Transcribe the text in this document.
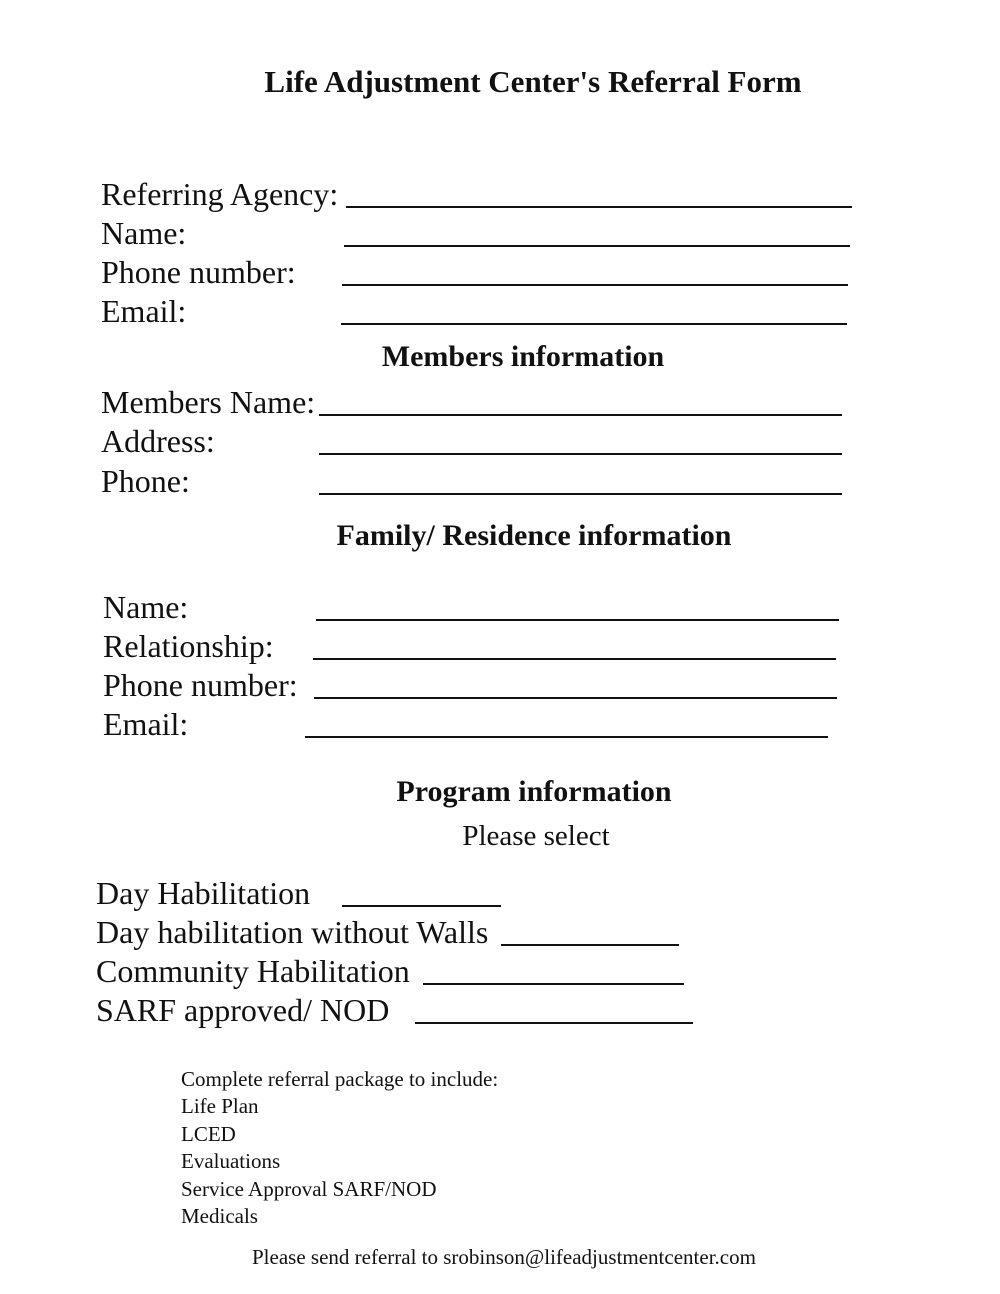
Life Adjustment Center's Referral Form
Referring Agency:
Name:
Phone number:
Email:
Members information
Members Name:
Address:
Phone:
Family/ Residence information
Name:
Relationship:
Phone number:
Email:
Program information
Please select
Day Habilitation
Day habilitation without Walls
Community Habilitation
SARF approved/ NOD
Complete referral package to include:
Life Plan
LCED
Evaluations
Service Approval SARF/NOD
Medicals
Please send referral to srobinson@lifeadjustmentcenter.com
